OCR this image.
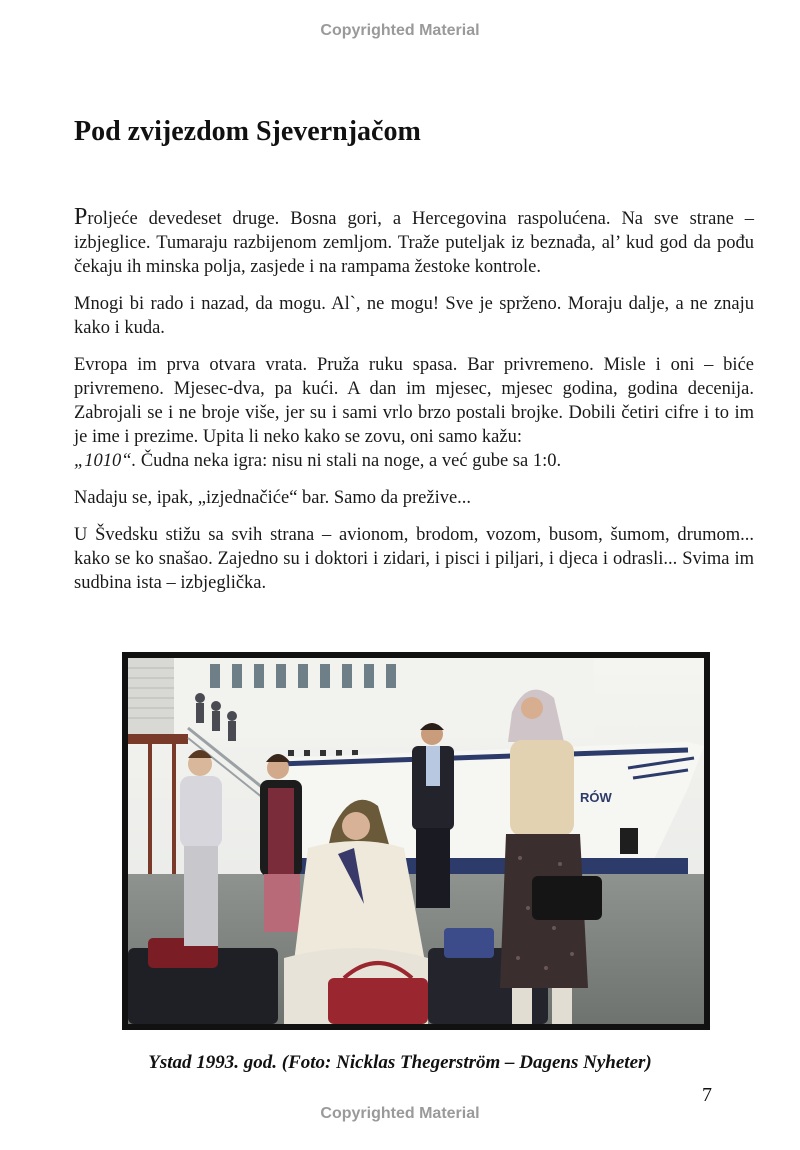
Copyrighted Material
Pod zvijezdom Sjevernjačom

Proljeće devedeset druge. Bosna gori, a Hercegovina raspolućena. Na sve strane – izbjeglice. Tumaraju razbijenom zemljom. Traže puteljak iz beznađa, al’ kud god da pođu čekaju ih minska polja, zasjede i na rampama žestoke kontrole.

Mnogi bi rado i nazad, da mogu. Al`, ne mogu! Sve je sprženo. Moraju dalje, a ne znaju kako i kuda.

Evropa im prva otvara vrata. Pruža ruku spasa. Bar privremeno. Misle i oni – biće privremeno. Mjesec-dva, pa kući. A dan im mjesec, mjesec godina, godina decenija. Zabrojali se i ne broje više, jer su i sami vrlo brzo postali brojke. Dobili četiri cifre i to im je ime i prezime. Upita li neko kako se zovu, oni samo kažu:
„1010“. Čudna neka igra: nisu ni stali na noge, a već gube sa 1:0.

Nadaju se, ipak, „izjednačiće“ bar. Samo da prežive...

U Švedsku stižu sa svih strana – avionom, brodom, vozom, busom, šumom, drumom... kako se ko snašao. Zajedno su i doktori i zidari, i pisci i piljari, i djeca i odrasli... Svima im sudbina ista – izbjeglička.

RÓW
Ystad 1993. god. (Foto: Nicklas Thegerström – Dagens Nyheter)
7
Copyrighted Material
